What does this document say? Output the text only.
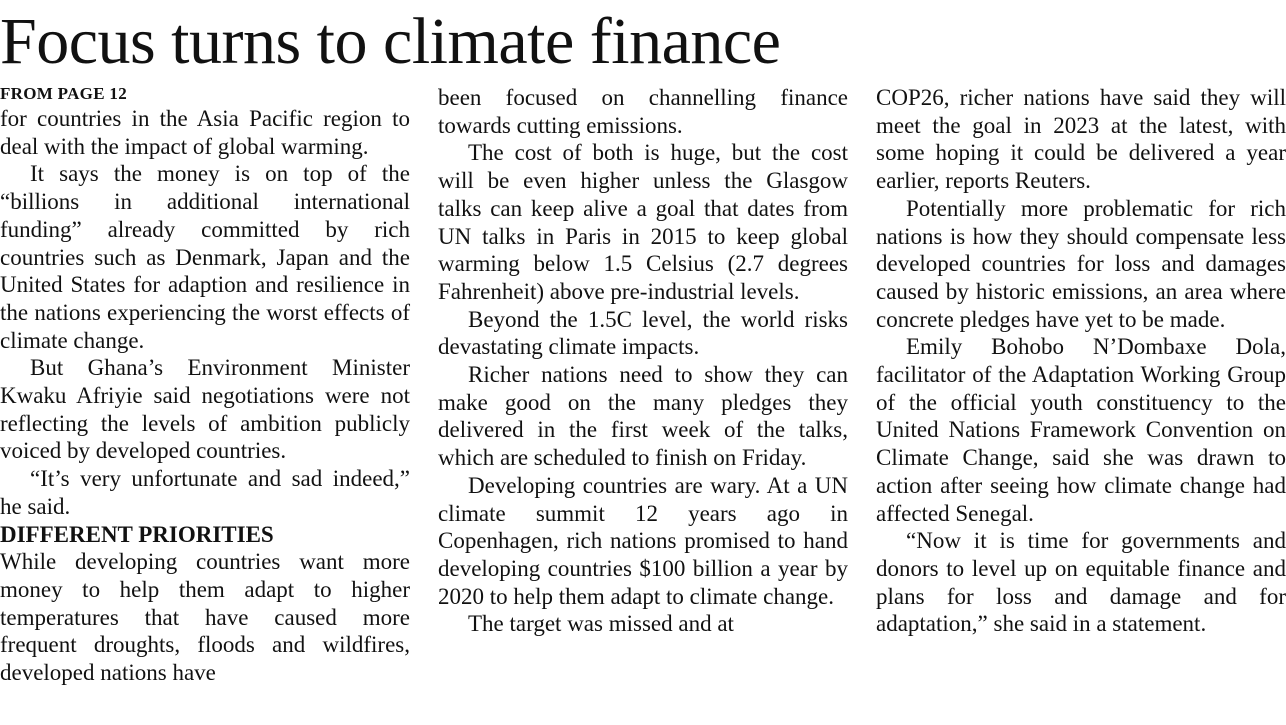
Focus turns to climate finance
FROM PAGE 12

for countries in the Asia Pacific region to deal with the impact of global warming.

It says the money is on top of the “billions in additional international funding” already committed by rich countries such as Denmark, Japan and the United States for adaption and resilience in the nations experiencing the worst effects of climate change.

But Ghana’s Environment Minister Kwaku Afriyie said negotiations were not reflecting the levels of ambition publicly voiced by developed countries.

“It’s very unfortunate and sad indeed,” he said.

DIFFERENT PRIORITIES

While developing countries want more money to help them adapt to higher temperatures that have caused more frequent droughts, floods and wildfires, developed nations have

been focused on channelling finance towards cutting emissions.

The cost of both is huge, but the cost will be even higher unless the Glasgow talks can keep alive a goal that dates from UN talks in Paris in 2015 to keep global warming below 1.5 Celsius (2.7 degrees Fahrenheit) above pre-industrial levels.

Beyond the 1.5C level, the world risks devastating climate impacts.

Richer nations need to show they can make good on the many pledges they delivered in the first week of the talks, which are scheduled to finish on Friday.

Developing countries are wary. At a UN climate summit 12 years ago in Copenhagen, rich nations promised to hand developing countries $100 billion a year by 2020 to help them adapt to climate change.

The target was missed and at

COP26, richer nations have said they will meet the goal in 2023 at the latest, with some hoping it could be delivered a year earlier, reports Reuters.

Potentially more problematic for rich nations is how they should compensate less developed countries for loss and damages caused by historic emissions, an area where concrete pledges have yet to be made.

Emily Bohobo N’Dombaxe Dola, facilitator of the Adaptation Working Group of the official youth constituency to the United Nations Framework Convention on Climate Change, said she was drawn to action after seeing how climate change had affected Senegal.

“Now it is time for governments and donors to level up on equitable finance and plans for loss and damage and for adaptation,” she said in a statement.
